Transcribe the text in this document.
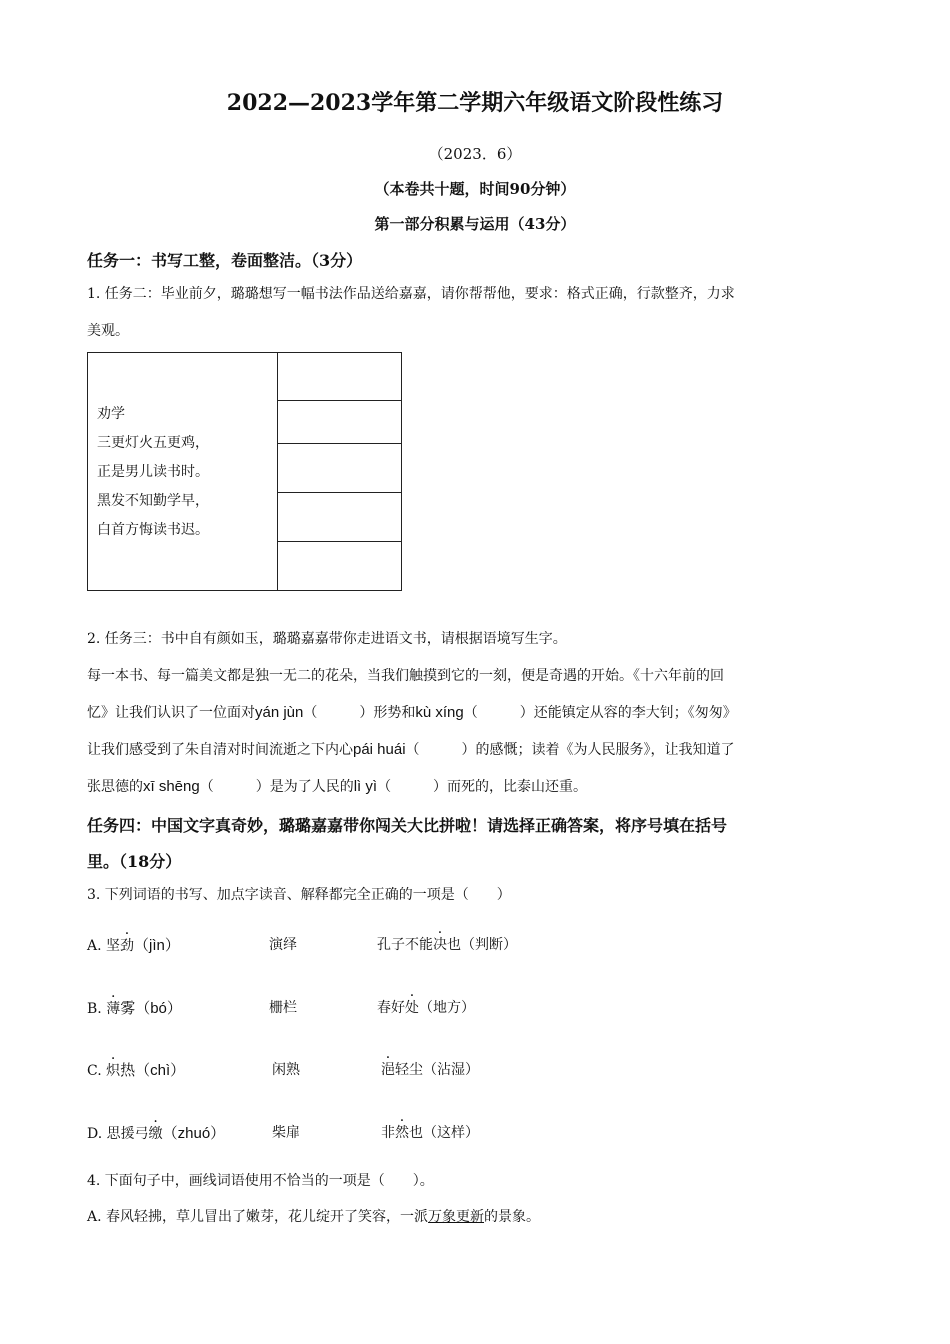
2022—2023学年第二学期六年级语文阶段性练习
（2023．6）
（本卷共十题，时间90分钟）
第一部分积累与运用（43分）
任务一：书写工整，卷面整洁。（3分）
1. 任务二：毕业前夕，璐璐想写一幅书法作品送给嘉嘉，请你帮帮他，要求：格式正确，行款整齐，力求
美观。
劝学
三更灯火五更鸡，
正是男儿读书时。
黑发不知勤学早，
白首方悔读书迟。
2. 任务三：书中自有颜如玉，璐璐嘉嘉带你走进语文书，请根据语境写生字。
每一本书、每一篇美文都是独一无二的花朵，当我们触摸到它的一刻，便是奇遇的开始。《十六年前的回
忆》让我们认识了一位面对yán jùn（　　　）形势和kù xíng（　　　）还能镇定从容的李大钊；《匆匆》
让我们感受到了朱自清对时间流逝之下内心pái huái（　　　）的感慨；读着《为人民服务》，让我知道了
张思德的xī shēng（　　　）是为了人民的lì yì（　　　）而死的，比泰山还重。
任务四：中国文字真奇妙，璐璐嘉嘉带你闯关大比拼啦！请选择正确答案，将序号填在括号
里。（18分）
3. 下列词语的书写、加点字读音、解释都完全正确的一项是（　　）
A. 坚劲（jìn）	演绎	孔子不能决也（判断）
B. 薄雾（bó）	栅栏	春好处（地方）
C. 炽热（chì）	闲熟	浥轻尘（沾湿）
D. 思援弓缴（zhuó）	柴扉	非然也（这样）
4. 下面句子中，画线词语使用不恰当的一项是（　　）。
A. 春风轻拂，草儿冒出了嫩芽，花儿绽开了笑容，一派万象更新的景象。
